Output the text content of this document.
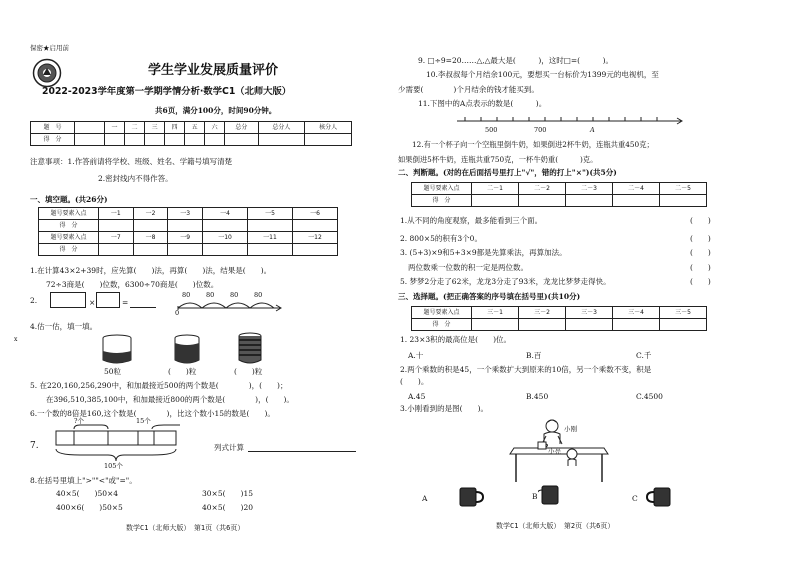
保密★启用前
学生学业发展质量评价
2022-2023学年度第一学期学情分析·数学C1（北师大版）
共6页，满分100分，时间90分钟。
题　号		一	二	三	四	五	六	总分	总分人	核分人
得　分										
注意事项：1.作答前请将学校、班级、姓名、学籍号填写清楚
2.密封线内不得作答。
一、填空题。(共26分)
题号要素入点	一1	一2	一3	一4	一5	一6
得　分						
题号要素入点	一7	一8	一9	一10	一11	一12
得　分						
1.在计算43×2+39时，应先算(　　)法，再算(　　)法，结果是(　　)。
72÷3商是(　　)位数，6300÷70商是(　　)位数。
2.	×	=
80 80 80 80
0
4.估一估，填一填。
50粒	(　　)粒	(　　)粒
5. 在220,160,256,290中，和加最接近500的两个数是(　　　　)，(　　)；
在396,510,385,100中，和加最接近800的两个数是(　　　　)，(　　)。
6.一个数的8倍是160,这个数是(　　　　)，比这个数小15的数是(　　)。
7.
?个	15个
105个
列式计算
8.在括号里填上">""<"或"="。
40×5(　　)50×4	30×5(　　)15
400×6(　　)50×5	40×5(　　)20
数学C1（北师大版）　第1页（共6页）
x
9. □÷9=20……△,△最大是(　　　)，这时□=(　　　)。
10.李叔叔每个月结余100元，要想买一台标价为1399元的电视机，至
少需要(　　　　)个月结余的钱才能买到。
11.下图中的A点表示的数是(　　　)。
500	700	A
12.有一个杯子向一个空瓶里倒牛奶，如果倒进2杯牛奶，连瓶共重450克；
如果倒进5杯牛奶，连瓶共重750克，一杯牛奶重(　　　)克。
二、判断题。(对的在后面括号里打上"√"，错的打上"×")(共5分)
题号要素入点	二－1	二－2	二－3	二－4	二－5
得　分					
1.从不同的角度观察，最多能看到三个面。	(　　)
2. 800×5的积有3个0。	(　　)
3. (5+3)×9和5+3×9都是先算乘法，再算加法。	(　　)
两位数乘一位数的积一定是两位数。	(　　)
5. 梦梦2分走了62米，龙龙3分走了93米，龙龙比梦梦走得快。	(　　)
三、选择题。(把正确答案的序号填在括号里)(共10分)
题号要素入点	三－1	三－2	三－3	三－4	三－5
得　分					
1. 23×3积的最高位是(　　)位。
A.十	B.百	C.千
2.两个乘数的积是45，一个乘数扩大到原来的10倍，另一个乘数不变，积是
(　　)。
A.45	B.450	C.4500
3.小刚看到的是图(　　)。
小刚
小亮
A	B	C
数学C1（北师大版）　第2页（共6页）
